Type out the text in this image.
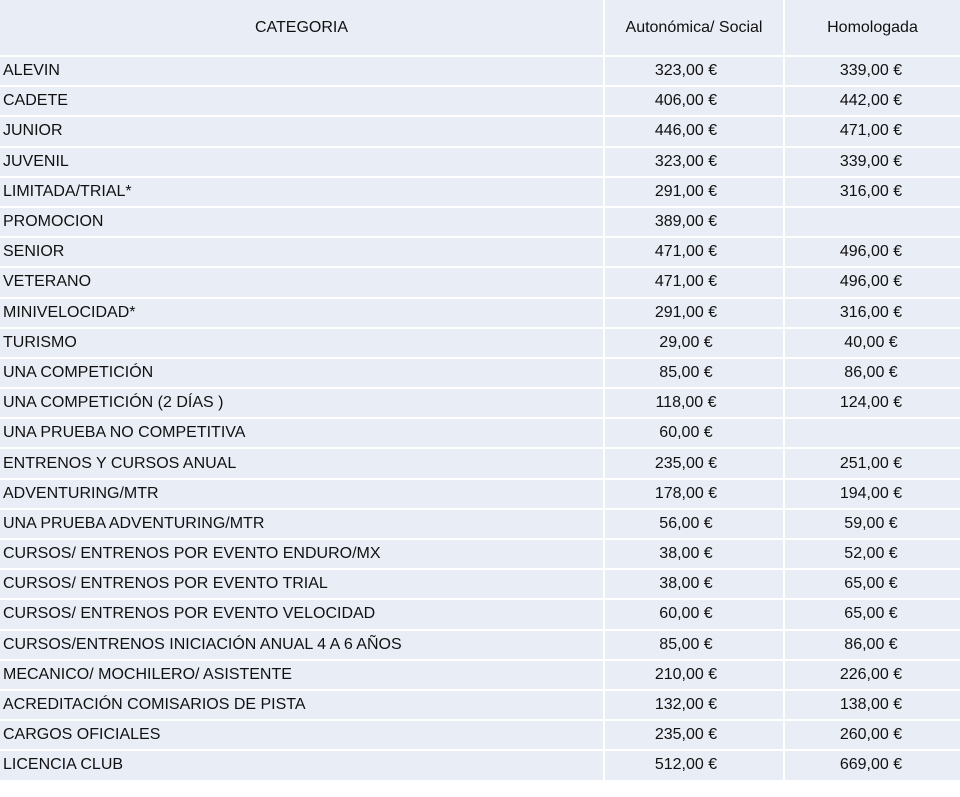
CATEGORIA	Autonómica/ Social	Homologada
ALEVIN	323,00 €	339,00 €
CADETE	406,00 €	442,00 €
JUNIOR	446,00 €	471,00 €
JUVENIL	323,00 €	339,00 €
LIMITADA/TRIAL*	291,00 €	316,00 €
PROMOCION	389,00 €
SENIOR	471,00 €	496,00 €
VETERANO	471,00 €	496,00 €
MINIVELOCIDAD*	291,00 €	316,00 €
TURISMO	29,00 €	40,00 €
UNA COMPETICIÓN	85,00 €	86,00 €
UNA COMPETICIÓN (2 DÍAS )	118,00 €	124,00 €
UNA PRUEBA NO COMPETITIVA	60,00 €
ENTRENOS Y CURSOS ANUAL	235,00 €	251,00 €
ADVENTURING/MTR	178,00 €	194,00 €
UNA PRUEBA ADVENTURING/MTR	56,00 €	59,00 €
CURSOS/ ENTRENOS POR EVENTO ENDURO/MX	38,00 €	52,00 €
CURSOS/ ENTRENOS POR EVENTO TRIAL	38,00 €	65,00 €
CURSOS/ ENTRENOS POR EVENTO VELOCIDAD	60,00 €	65,00 €
CURSOS/ENTRENOS INICIACIÓN ANUAL 4 A 6 AÑOS	85,00 €	86,00 €
MECANICO/ MOCHILERO/ ASISTENTE	210,00 €	226,00 €
ACREDITACIÓN COMISARIOS DE PISTA	132,00 €	138,00 €
CARGOS OFICIALES	235,00 €	260,00 €
LICENCIA CLUB	512,00 €	669,00 €
